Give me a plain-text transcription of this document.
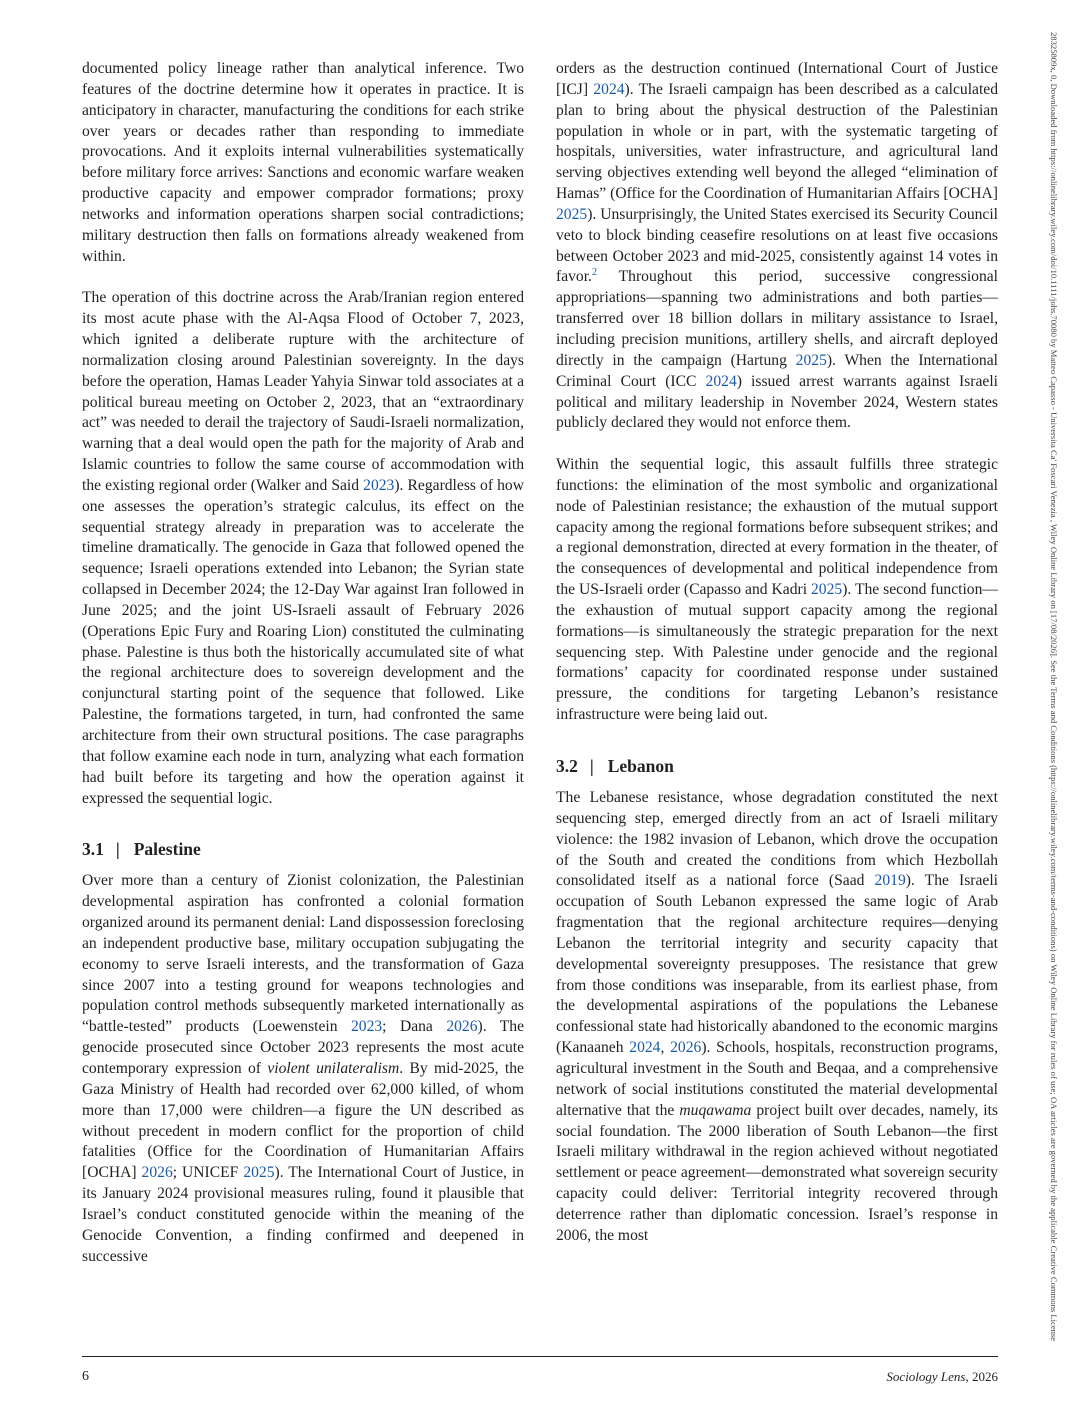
documented policy lineage rather than analytical inference. Two features of the doctrine determine how it operates in practice. It is anticipatory in character, manufacturing the conditions for each strike over years or decades rather than responding to immediate provocations. And it exploits internal vulnerabilities systematically before military force arrives: Sanctions and economic warfare weaken productive capacity and empower comprador formations; proxy networks and information operations sharpen social contradictions; military destruction then falls on formations already weakened from within.

The operation of this doctrine across the Arab/Iranian region entered its most acute phase with the Al-Aqsa Flood of October 7, 2023, which ignited a deliberate rupture with the architecture of normalization closing around Palestinian sovereignty. In the days before the operation, Hamas Leader Yahyia Sinwar told associates at a political bureau meeting on October 2, 2023, that an “extraordinary act” was needed to derail the trajectory of Saudi-Israeli normalization, warning that a deal would open the path for the majority of Arab and Islamic countries to follow the same course of accommodation with the existing regional order (Walker and Said 2023). Regardless of how one assesses the operation’s strategic calculus, its effect on the sequential strategy already in preparation was to accelerate the timeline dramatically. The genocide in Gaza that followed opened the sequence; Israeli operations extended into Lebanon; the Syrian state collapsed in December 2024; the 12-Day War against Iran followed in June 2025; and the joint US-Israeli assault of February 2026 (Operations Epic Fury and Roaring Lion) constituted the culminating phase. Palestine is thus both the historically accumulated site of what the regional architecture does to sovereign development and the conjunctural starting point of the sequence that followed. Like Palestine, the formations targeted, in turn, had confronted the same architecture from their own structural positions. The case paragraphs that follow examine each node in turn, analyzing what each formation had built before its targeting and how the operation against it expressed the sequential logic.

3.1 | Palestine

Over more than a century of Zionist colonization, the Palestinian developmental aspiration has confronted a colonial formation organized around its permanent denial: Land dispossession foreclosing an independent productive base, military occupation subjugating the economy to serve Israeli interests, and the transformation of Gaza since 2007 into a testing ground for weapons technologies and population control methods subsequently marketed internationally as “battle-tested” products (Loewenstein 2023; Dana 2026). The genocide prosecuted since October 2023 represents the most acute contemporary expression of violent unilateralism. By mid-2025, the Gaza Ministry of Health had recorded over 62,000 killed, of whom more than 17,000 were children—a figure the UN described as without precedent in modern conflict for the proportion of child fatalities (Office for the Coordination of Humanitarian Affairs [OCHA] 2026; UNICEF 2025). The International Court of Justice, in its January 2024 provisional measures ruling, found it plausible that Israel’s conduct constituted genocide within the meaning of the Genocide Convention, a finding confirmed and deepened in successive

orders as the destruction continued (International Court of Justice [ICJ] 2024). The Israeli campaign has been described as a calculated plan to bring about the physical destruction of the Palestinian population in whole or in part, with the systematic targeting of hospitals, universities, water infrastructure, and agricultural land serving objectives extending well beyond the alleged “elimination of Hamas” (Office for the Coordination of Humanitarian Affairs [OCHA] 2025). Unsurprisingly, the United States exercised its Security Council veto to block binding ceasefire resolutions on at least five occasions between October 2023 and mid-2025, consistently against 14 votes in favor.$^2$ Throughout this period, successive congressional appropriations—spanning two administrations and both parties—transferred over 18 billion dollars in military assistance to Israel, including precision munitions, artillery shells, and aircraft deployed directly in the campaign (Hartung 2025). When the International Criminal Court (ICC 2024) issued arrest warrants against Israeli political and military leadership in November 2024, Western states publicly declared they would not enforce them.

Within the sequential logic, this assault fulfills three strategic functions: the elimination of the most symbolic and organizational node of Palestinian resistance; the exhaustion of the mutual support capacity among the regional formations before subsequent strikes; and a regional demonstration, directed at every formation in the theater, of the consequences of developmental and political independence from the US-Israeli order (Capasso and Kadri 2025). The second function—the exhaustion of mutual support capacity among the regional formations—is simultaneously the strategic preparation for the next sequencing step. With Palestine under genocide and the regional formations’ capacity for coordinated response under sustained pressure, the conditions for targeting Lebanon’s resistance infrastructure were being laid out.

3.2 | Lebanon

The Lebanese resistance, whose degradation constituted the next sequencing step, emerged directly from an act of Israeli military violence: the 1982 invasion of Lebanon, which drove the occupation of the South and created the conditions from which Hezbollah consolidated itself as a national force (Saad 2019). The Israeli occupation of South Lebanon expressed the same logic of Arab fragmentation that the regional architecture requires—denying Lebanon the territorial integrity and security capacity that developmental sovereignty presupposes. The resistance that grew from those conditions was inseparable, from its earliest phase, from the developmental aspirations of the populations the Lebanese confessional state had historically abandoned to the economic margins (Kanaaneh 2024, 2026). Schools, hospitals, reconstruction programs, agricultural investment in the South and Beqaa, and a comprehensive network of social institutions constituted the material developmental alternative that the muqawama project built over decades, namely, its social foundation. The 2000 liberation of South Lebanon—the first Israeli military withdrawal in the region achieved without negotiated settlement or peace agreement—demonstrated what sovereign security capacity could deliver: Territorial integrity recovered through deterrence rather than diplomatic concession. Israel’s response in 2006, the most

6	Sociology Lens, 2026
28325809x, 0, Downloaded from https://onlinelibrary.wiley.com/doi/10.1111/johs.70080 by Matteo Capasso - Universita Ca' Foscari Venezia , Wiley Online Library on [17/08/2026]. See the Terms and Conditions (https://onlinelibrary.wiley.com/terms-and-conditions) on Wiley Online Library for rules of use; OA articles are governed by the applicable Creative Commons License
